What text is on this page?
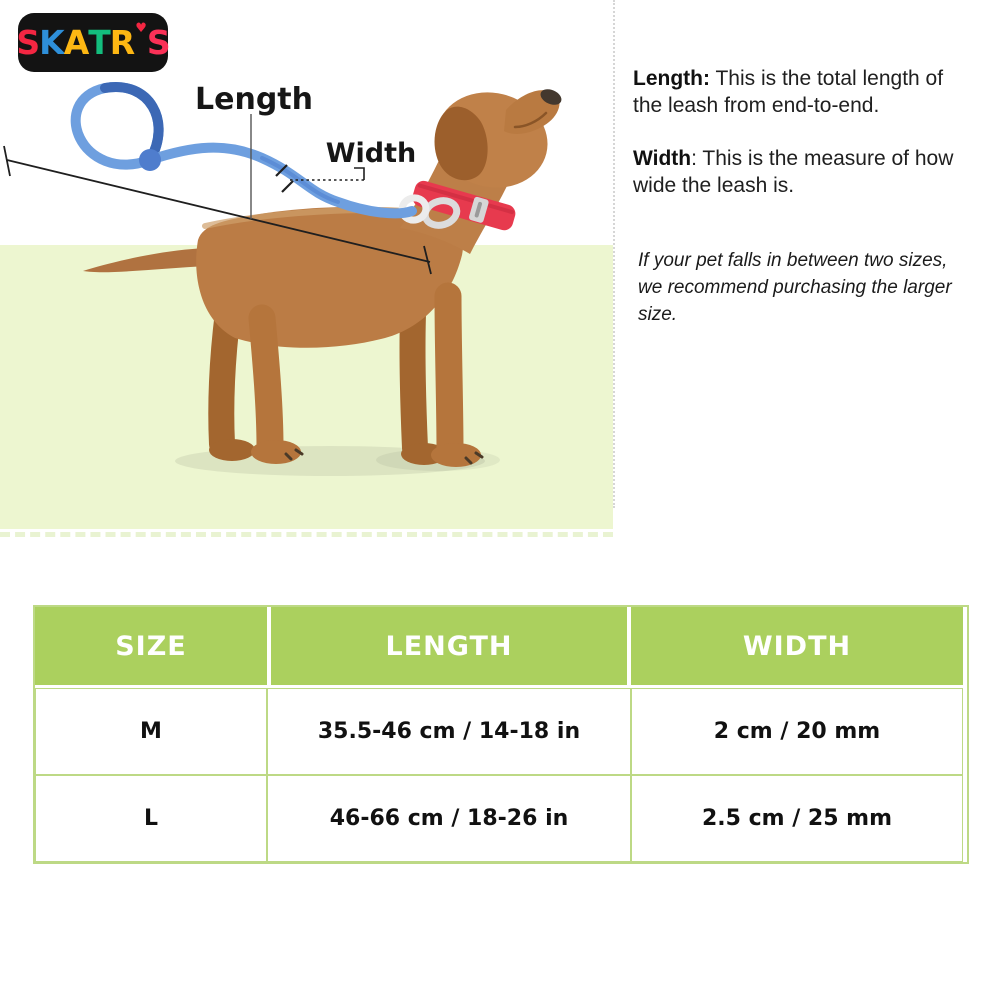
S K A T R ♥ S
Length
Width

Length: This is the total length of the leash from end-to-end.

Width: This is the measure of how wide the leash is.

If your pet falls in between two sizes, we recommend purchasing the larger size.

SIZE	LENGTH	WIDTH
M	35.5-46 cm / 14-18 in	2 cm / 20 mm
L	46-66 cm / 18-26 in	2.5 cm / 25 mm
